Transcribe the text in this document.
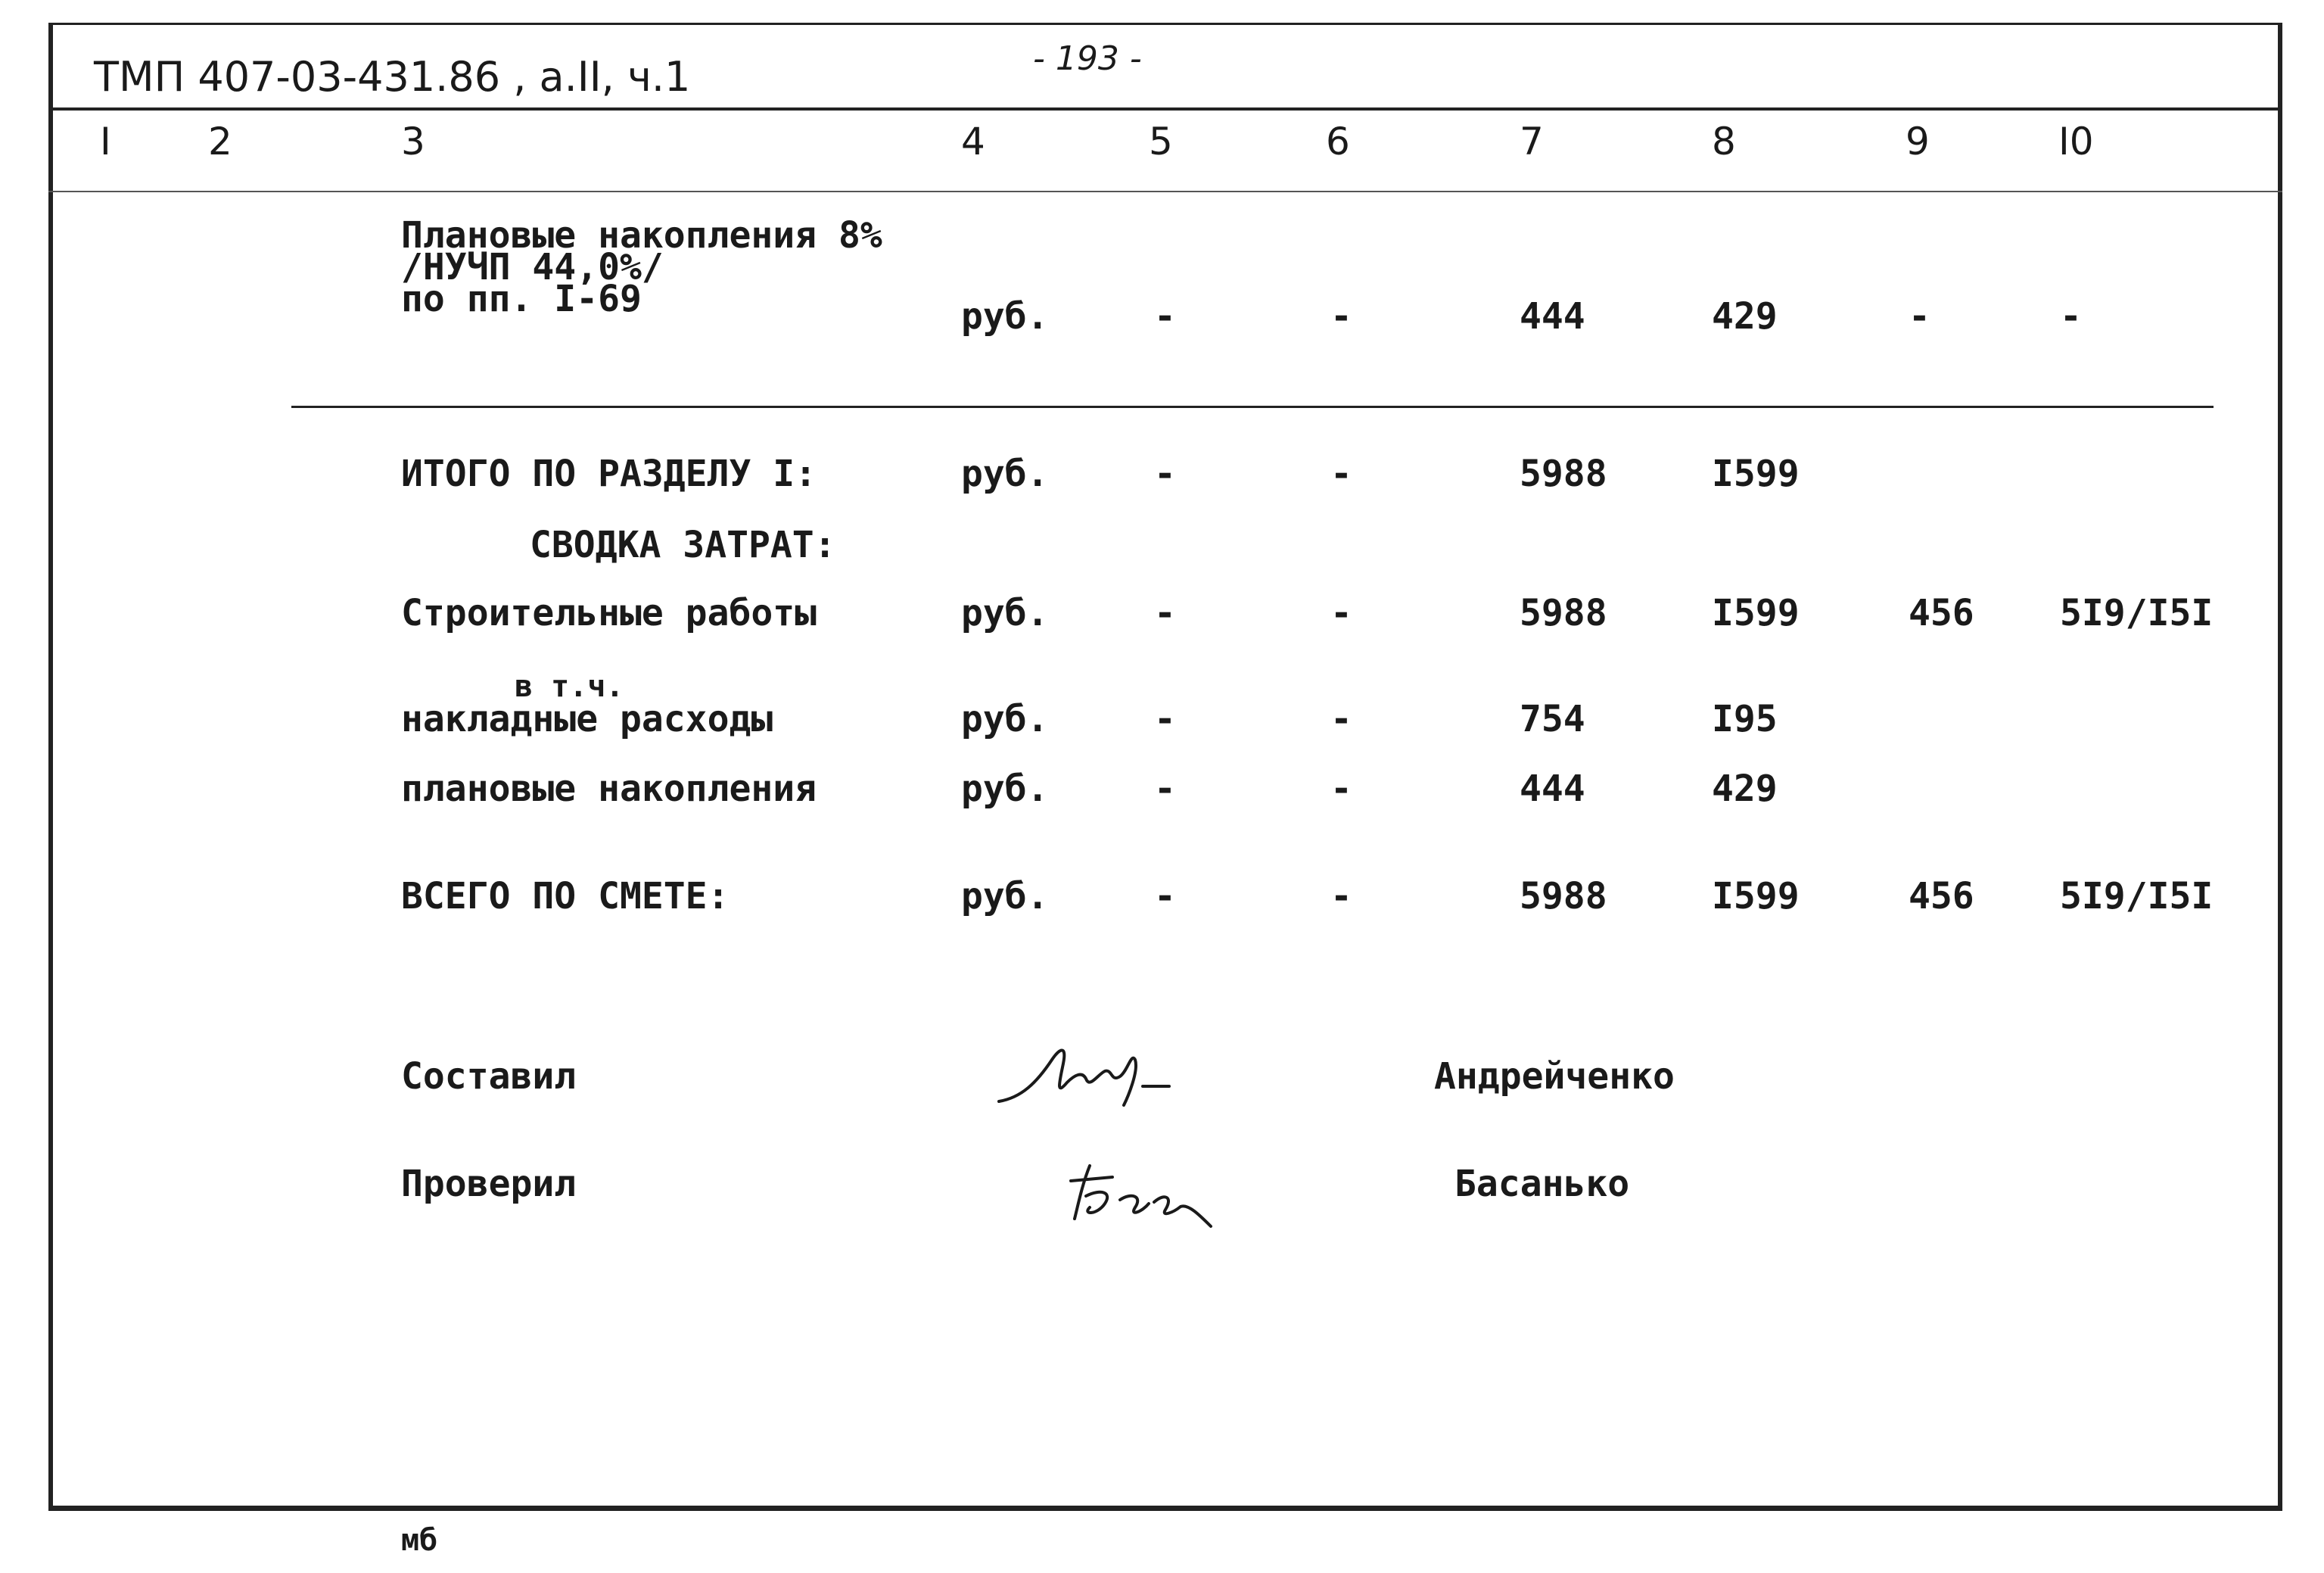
ТМП 407-03-431.86 , а.II, ч.1	- 193 -
I	2	3	4	5	6	7	8	9	I0
Плановые накопления 8%
/НУЧП 44,0%/
по пп. I-69	руб.	-	-	444	429	-	-
ИТОГО ПО РАЗДЕЛУ I:	руб.	-	-	5988	I599
СВОДКА ЗАТРАТ:
Строительные работы	руб.	-	-	5988	I599	456 5I9/I5I
в т.ч.
накладные расходы	руб.	-	-	754	I95
плановые накопления	руб.	-	-	444	429
ВСЕГО ПО СМЕТЕ:	руб.	-	-	5988	I599	456 5I9/I5I
Составил	Андрейченко
Проверил	Басанько
мб
